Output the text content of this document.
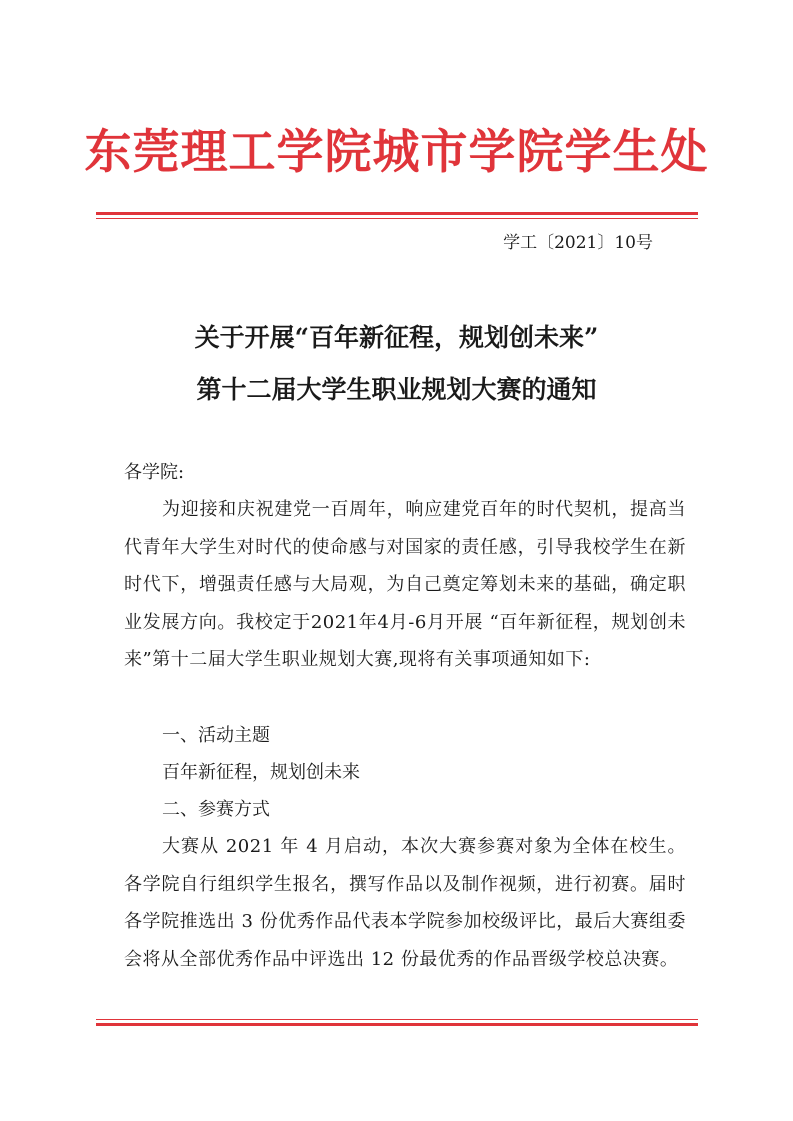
东莞理工学院城市学院学生处
学工〔2021〕10号
关于开展“百年新征程，规划创未来”
第十二届大学生职业规划大赛的通知
各学院:

为迎接和庆祝建党一百周年，响应建党百年的时代契机，提高当代青年大学生对时代的使命感与对国家的责任感，引导我校学生在新时代下，增强责任感与大局观，为自己奠定筹划未来的基础，确定职业发展方向。我校定于2021年4月-6月开展 “百年新征程，规划创未来”第十二届大学生职业规划大赛,现将有关事项通知如下:

一、活动主题
百年新征程，规划创未来
二、参赛方式

大赛从 2021 年 4 月启动，本次大赛参赛对象为全体在校生。各学院自行组织学生报名，撰写作品以及制作视频，进行初赛。届时各学院推选出 3 份优秀作品代表本学院参加校级评比，最后大赛组委会将从全部优秀作品中评选出 12 份最优秀的作品晋级学校总决赛。
